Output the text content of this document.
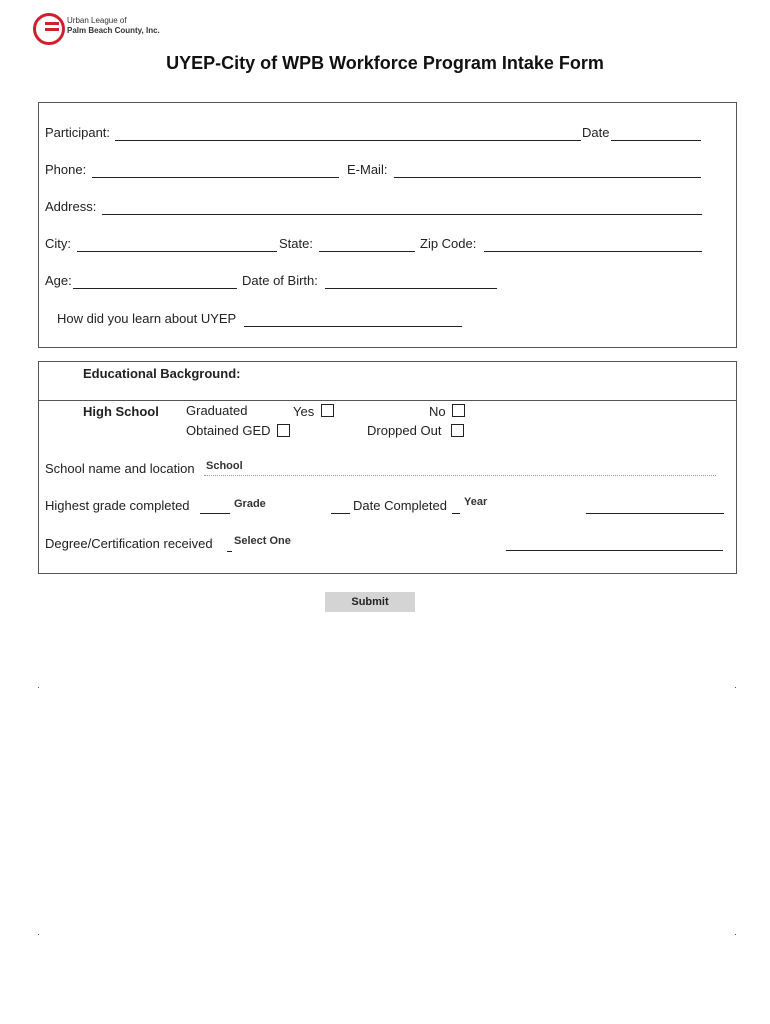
Urban League of
Palm Beach County, Inc.
UYEP-City of WPB Workforce Program Intake Form
Participant:	Date
Phone:	E-Mail:
Address:
City:	State:	Zip Code:
Age:	Date of Birth:
How did you learn about UYEP
Educational Background:
High School Graduated	Yes	No
Obtained GED	Dropped Out
School name and location School
Highest grade completed	Grade	Date Completed Year
Degree/Certification received Select One
Submit
